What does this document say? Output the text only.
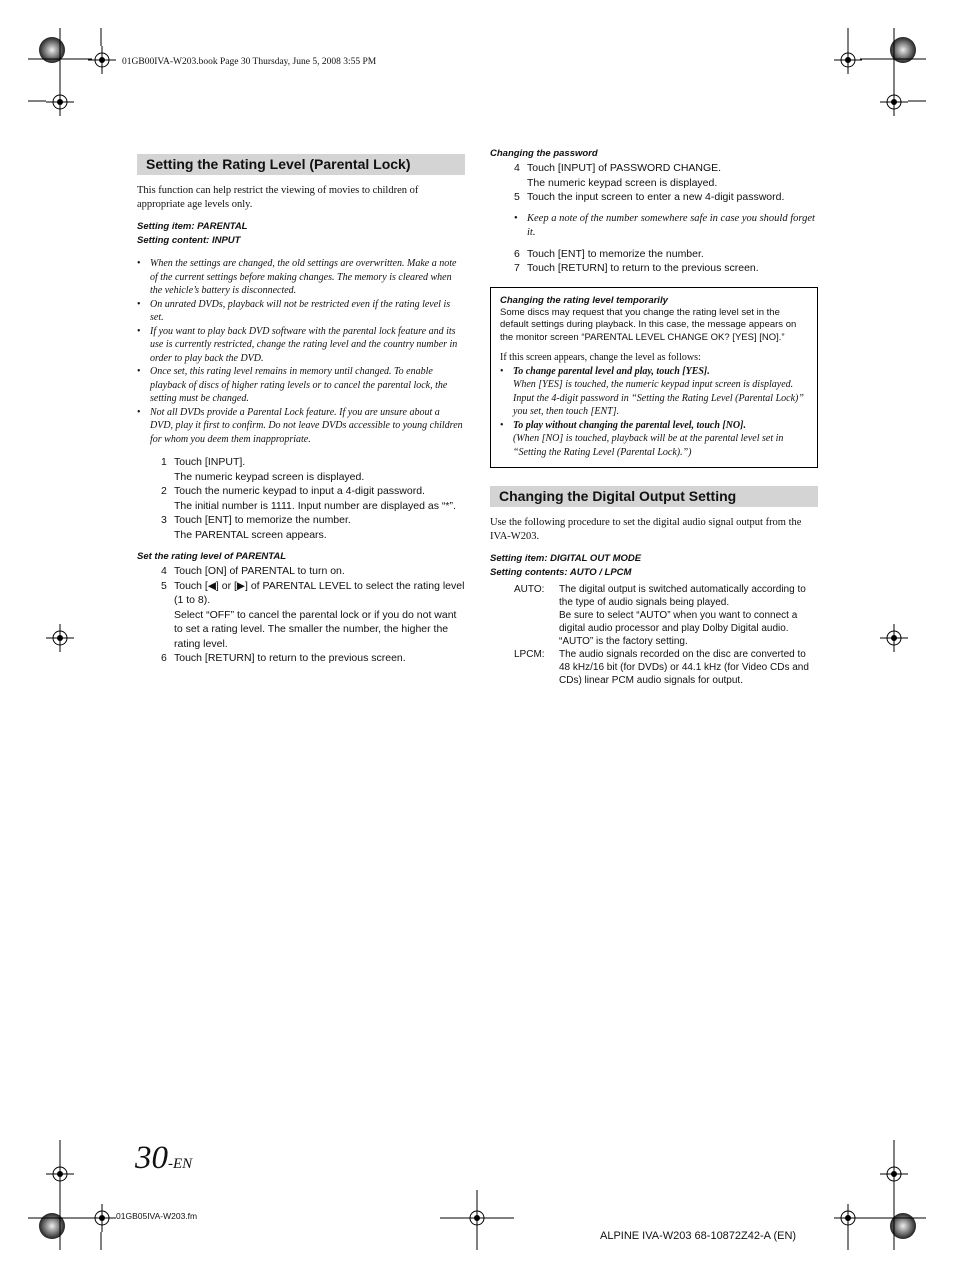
01GB00IVA-W203.book Page 30 Thursday, June 5, 2008 3:55 PM
01GB05IVA-W203.fm
ALPINE IVA-W203 68-10872Z42-A (EN)
30-EN
Setting the Rating Level (Parental Lock)
This function can help restrict the viewing of movies to children of appropriate age levels only.
Setting item: PARENTAL
Setting content: INPUT
• When the settings are changed, the old settings are overwritten. Make a note of the current settings before making changes. The memory is cleared when the vehicle’s battery is disconnected.
• On unrated DVDs, playback will not be restricted even if the rating level is set.
• If you want to play back DVD software with the parental lock feature and its use is currently restricted, change the rating level and the country number in order to play back the DVD.
• Once set, this rating level remains in memory until changed. To enable playback of discs of higher rating levels or to cancel the parental lock, the setting must be changed.
• Not all DVDs provide a Parental Lock feature. If you are unsure about a DVD, play it first to confirm. Do not leave DVDs accessible to young children for whom you deem them inappropriate.
1 Touch [INPUT].
The numeric keypad screen is displayed.
2 Touch the numeric keypad to input a 4-digit password.
The initial number is 1111. Input number are displayed as “*”.
3 Touch [ENT] to memorize the number.
The PARENTAL screen appears.
Set the rating level of PARENTAL
4 Touch [ON] of PARENTAL to turn on.
5 Touch [◀] or [▶] of PARENTAL LEVEL to select the rating level (1 to 8).
Select “OFF” to cancel the parental lock or if you do not want to set a rating level. The smaller the number, the higher the rating level.
6 Touch [RETURN] to return to the previous screen.
Changing the password
4 Touch [INPUT] of PASSWORD CHANGE.
The numeric keypad screen is displayed.
5 Touch the input screen to enter a new 4-digit password.
• Keep a note of the number somewhere safe in case you should forget it.
6 Touch [ENT] to memorize the number.
7 Touch [RETURN] to return to the previous screen.
Changing the rating level temporarily
Some discs may request that you change the rating level set in the default settings during playback. In this case, the message appears on the monitor screen “PARENTAL LEVEL CHANGE OK? [YES] [NO].”
If this screen appears, change the level as follows:
• To change parental level and play, touch [YES].
When [YES] is touched, the numeric keypad input screen is displayed. Input the 4-digit password in “Setting the Rating Level (Parental Lock)” you set, then touch [ENT].
• To play without changing the parental level, touch [NO].
(When [NO] is touched, playback will be at the parental level set in “Setting the Rating Level (Parental Lock).”)
Changing the Digital Output Setting
Use the following procedure to set the digital audio signal output from the IVA-W203.
Setting item: DIGITAL OUT MODE
Setting contents: AUTO / LPCM
AUTO:	The digital output is switched automatically according to the type of audio signals being played.
Be sure to select “AUTO” when you want to connect a digital audio processor and play Dolby Digital audio. “AUTO” is the factory setting.
LPCM:	The audio signals recorded on the disc are converted to 48 kHz/16 bit (for DVDs) or 44.1 kHz (for Video CDs and CDs) linear PCM audio signals for output.
